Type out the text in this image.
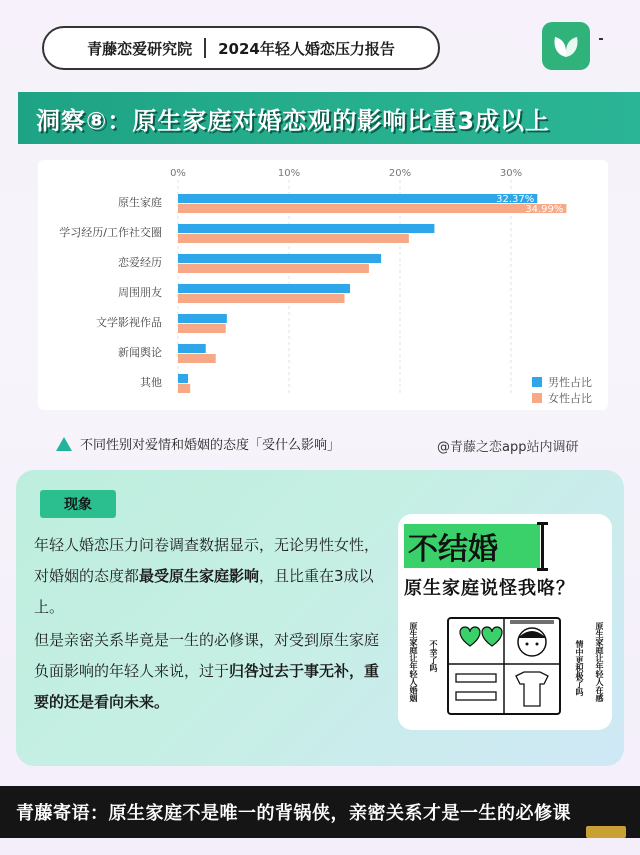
青藤恋爱研究院 2024年轻人婚恋压力报告
洞察⑧：原生家庭对婚恋观的影响比重3成以上
0%	10%	20%	30%
原生家庭	32.37%
34.99%
学习经历/工作社交圈
恋爱经历
周围朋友
文学影视作品
新闻舆论
其他	男性占比
女性占比
不同性别对爱情和婚姻的态度「受什么影响」	@青藤之恋app站内调研
现象

年轻人婚恋压力问卷调查数据显示，无论男性女性，对婚姻的态度都最受原生家庭影响，且比重在3成以上。

但是亲密关系毕竟是一生的必修课，对受到原生家庭负面影响的年轻人来说，过于归咎过去于事无补，重要的还是看向未来。

不结婚
原生家庭说怪我咯？
原生家庭让年轻人婚姻 不幸了吗	原生家庭让年轻人在感
情中更积极了吗
青藤寄语：原生家庭不是唯一的背锅侠，亲密关系才是一生的必修课
